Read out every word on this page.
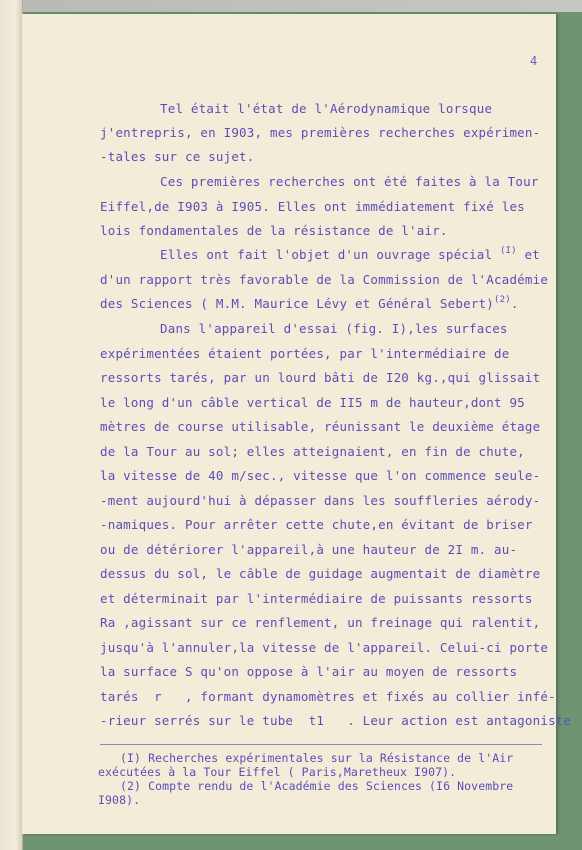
4
Tel était l'état de l'Aérodynamique lorsque
j'entrepris, en I903, mes premières recherches expérimen-
-tales sur ce sujet.
Ces premières recherches ont été faites à la Tour
Eiffel,de I903 à I905. Elles ont immédiatement fixé les
lois fondamentales de la résistance de l'air.
Elles ont fait l'objet d'un ouvrage spécial $^{(I)}$ et
d'un rapport très favorable de la Commission de l'Académie
des Sciences ( M.M. Maurice Lévy et Général Sebert)$^{(2)}$.
Dans l'appareil d'essai (fig. I),les surfaces
expérimentées étaient portées, par l'intermédiaire de
ressorts tarés, par un lourd bâti de I20 kg.,qui glissait
le long d'un câble vertical de II5 m de hauteur,dont 95
mètres de course utilisable, réunissant le deuxième étage
de la Tour au sol; elles atteignaient, en fin de chute,
la vitesse de 40 m/sec., vitesse que l'on commence seule-
-ment aujourd'hui à dépasser dans les souffleries aérody-
-namiques. Pour arrêter cette chute,en évitant de briser
ou de détériorer l'appareil,à une hauteur de 2I m. au-
dessus du sol, le câble de guidage augmentait de diamètre
et déterminait par l'intermédiaire de puissants ressorts
Ra ,agissant sur ce renflement, un freinage qui ralentit,
jusqu'à l'annuler,la vitesse de l'appareil. Celui-ci porte
la surface S qu'on oppose à l'air au moyen de ressorts
tarés  r   , formant dynamomètres et fixés au collier infé-
-rieur serrés sur le tube  t1   . Leur action est antagoniste
(I) Recherches expérimentales sur la Résistance de l'Air
exécutées à la Tour Eiffel ( Paris,Maretheux I907).
(2) Compte rendu de l'Académie des Sciences (I6 Novembre
I908).
